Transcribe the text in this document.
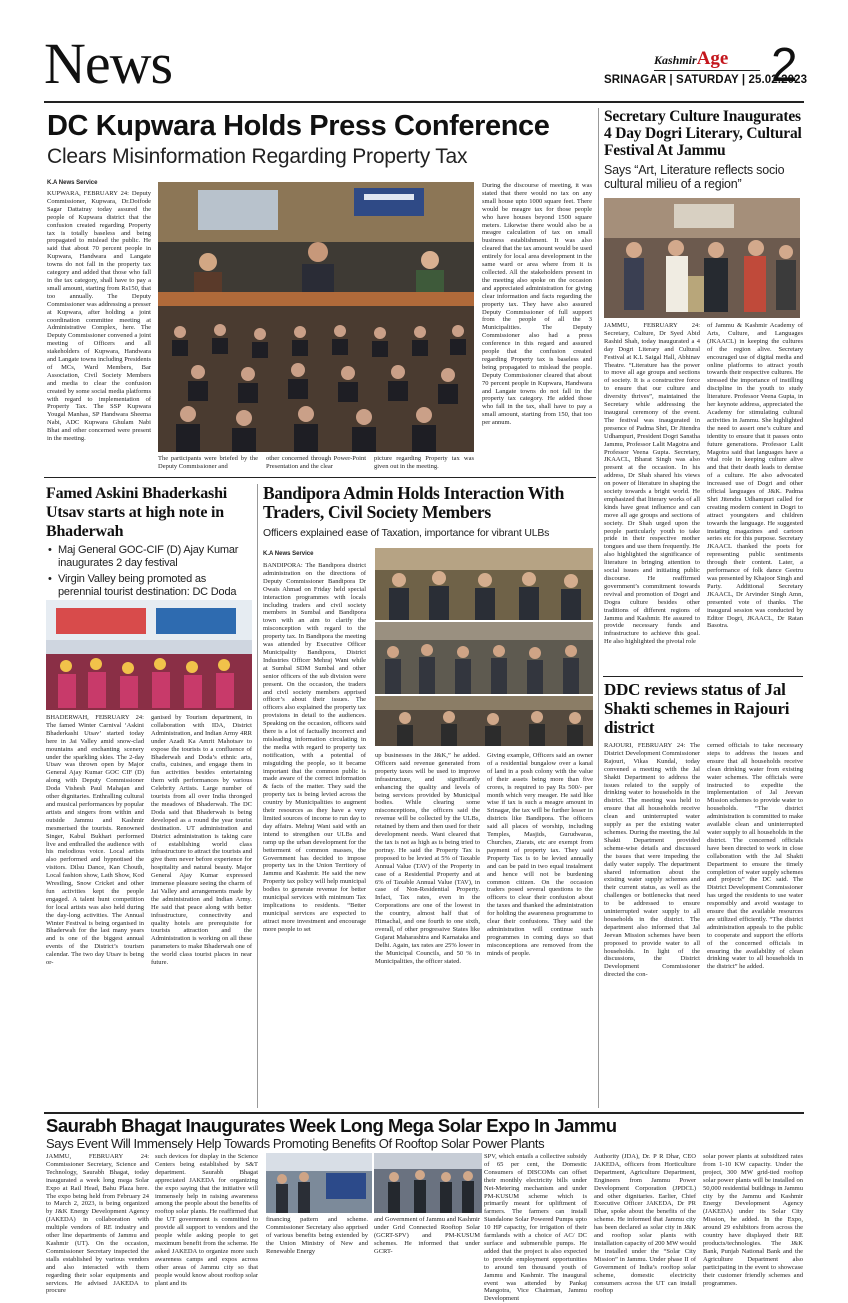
News	KashmirAge
SRINAGAR | SATURDAY | 25.02.2023
2
DC Kupwara Holds Press Conference
Clears Misinformation Regarding Property Tax
K.A News Service
KUPWARA, FEBRUARY 24: Deputy Commissioner, Kupwara, Dr.Doifode Sagar Dattatray today assured the people of Kupwara district that the confusion created regarding Property tax is totally baseless and being propagated to mislead the public. He said that about 70 percent people in Kupwara, Handwara and Langate towns do not fall in the property tax category and added that those who fall in the tax category, shall have to pay a small amount, starting from Rs150, that too annually. The Deputy Commissioner was addressing a presser at Kupwara, after holding a joint coordination committee meeting at Administrative Complex, here. The Deputy Commissioner convened a joint meeting of Officers and all stakeholders of Kupwara, Handwara and Langate towns including Presidents of MCs, Ward Members, Bar Association, Civil Society Members and media to clear the confusion created by some social media platforms with regard to implementation of Property Tax. The SSP Kupwara Yougal Manhas, SP Handwara Sheema Nabi, ADC Kupwara Ghulam Nabi Bhat and other concerned were present in the meeting.
The participants were briefed by the Deputy Commissioner and
other concerned through Power-Point Presentation and the clear
picture regarding Property tax was given out in the meeting.
During the discourse of meeting, it was stated that there would no tax on any small house upto 1000 square feet. There would be meagre tax for those people who have houses beyond 1500 square meters. Likewise there would also be a meagre calculation of tax on small business establishment. It was also cleared that the tax amount would be used entirely for local area development in the same ward or area where from it is collected. All the stakeholders present in the meeting also spoke on the occasion and appreciated administration for giving clear information and facts regarding the property tax. They have also assured Deputy Commissioner of full support from the people of all the 3 Municipalities. The Deputy Commissioner also had a press conference in this regard and assured people that the confusion created regarding Property tax is baseless and being propagated to mislead the people. Deputy Commissioner cleared that about 70 percent people in Kupwara, Handwara and Langate towns do not fall in the property tax category. He added those who fall in the tax, shall have to pay a small amount, starting from 150, that too per annum.
Secretary Culture Inaugurates 4 Day Dogri Literary, Cultural Festival At Jammu
Says “Art, Literature reflects socio cultural milieu of a region”
JAMMU, FEBRUARY 24: Secretary, Culture, Dr Syed Abid Rashid Shah, today inaugurated a 4 day Dogri Literary and Cultural Festival at K.L Saigal Hall, Abhinav Theatre. “Literature has the power to move all age groups and sections of society. It is a constructive force to ensure that our culture and diversity thrives”, maintained the Secretary while addressing the inaugural ceremony of the event. The festival was inaugurated in presence of Padma Shri, Dr Jitendra Udhampuri, President Dogri Sanstha Jammu, Professor Lalit Magotra and Professor Veena Gupta. Secretary, JKAACL, Bharat Singh was also present at the occasion. In his address, Dr Shah shared his views on power of literature in shaping the society towards a bright world. He emphasized that literary works of all kinds have great influence and can move all age groups and sections of society. Dr Shah urged upon the people particularly youth to take pride in their respective mother tongues and use them frequently. He also highlighted the significance of literature in bringing attention to social issues and initiating public discourse. He reaffirmed government’s commitment towards revival and promotion of Dogri and Dogra culture besides other traditions of different regions of Jammu and Kashmir. He assured to provide necessary funds and infrastructure to achieve this goal. He also highlighted the pivotal role
of Jammu & Kashmir Academy of Arts, Culture, and Languages (JKAACL) in keeping the cultures of the region alive. Secretary encouraged use of digital media and online platforms to attract youth towards their respective cultures. He stressed the importance of instilling discipline in the youth to study literature. Professor Veena Gupta, in her keynote address, appreciated the Academy for stimulating cultural activities in Jammu. She highlighted the need to assert one’s culture and identity to ensure that it passes onto future generations. Professor Lalit Magotra said that languages have a vital role in keeping culture alive and that their death leads to demise of a culture. He also advocated increased use of Dogri and other official languages of J&K. Padma Shri Jitendra Udhampuri called for creating modern content in Dogri to attract youngsters and children towards the language. He suggested instating magazines and cartoon series etc for this purpose. Secretary JKAACL thanked the poets for representing public sentiments through their content. Later, a performance of folk dance Geetru was presented by Khajoor Singh and Party. Additional Secretary JKAACL, Dr Arvinder Singh Amn, presented vote of thanks. The inaugural session was conducted by Editor Dogri, JKAACL, Dr Ratan Basotra.
Famed Askini Bhaderkashi Utsav starts at high note in Bhaderwah
• Maj General GOC-CIF (D) Ajay Kumar inaugurates 2 day festival
• Virgin Valley being promoted as perennial tourist destination: DC Doda
BHADERWAH, FEBRUARY 24: The famed Winter Carnival ‘Askini Bhaderkashi Utsav’ started today here in Jai Valley amid snow-clad mountains and enchanting scenery under the sparkling skies. The 2-day Utsav was thrown open by Major General Ajay Kumar GOC CIF (D) along with Deputy Commissioner Doda Vishesh Paul Mahajan and other dignitaries. Enthralling cultural and musical performances by popular artists and singers from within and outside Jammu and Kashmir mesmerised the tourists. Renowned Singer, Kabul Bukhari performed live and enthralled the audience with his melodious voice. Local artists also performed and hypnotised the visitors. Dilsu Dance, Kan Chouth, Local fashion show, Lath Show, Kod Wrestling, Snow Cricket and other fun activities kept the people engaged. A talent hunt competition for local artists was also held during the day-long activities. The Annual Winter Festival is being organised in Bhaderwah for the last many years and is one of the biggest annual events of the District’s tourism calendar. The two day Utsav is being or-
ganised by Tourism department, in collaboration with IDA, District Administration, and Indian Army 4RR under Azadi Ka Amrit Mahotsav to expose the tourists to a confluence of Bhaderwah and Doda’s ethnic arts, crafts, cuisines, and engage them in fun activities besides entertaining them with performances by various Celebrity Artists. Large number of tourists from all over India thronged the meadows of Bhaderwah. The DC Doda said that Bhaderwah is being developed as a round the year tourist destination. UT administration and District administration is taking care of establishing world class infrastructure to attract the tourists and give them never before experience for hospitality and natural beauty. Major General Ajay Kumar expressed immense pleasure seeing the charm of Jai Valley and arrangements made by the administration and Indian Army. He said that peace along with better infrastructure, connectivity and quality hotels are prerequisite for tourists attraction and the Administration is working on all these parameters to make Bhaderwah one of the world class tourist places in near future.
Bandipora Admin Holds Interaction With Traders, Civil Society Members
Officers explained ease of Taxation, importance for vibrant ULBs
K.A News Service
BANDIPORA: The Bandipora district administration on the directions of Deputy Commissioner Bandipora Dr Owais Ahmad on Friday held special interaction programmes with locals including traders and civil society members in Sumbal and Bandipora town with an aim to clarify the misconception with regard to the property tax. In Bandipora the meeting was attended by Executive Officer Municipality Bandipora, District Industries Officer Mehraj Wani while at Sumbal SDM Sumbal and other senior officers of the sub division were present. On the occasion, the traders and civil society members apprised officer’s about their issues. The officers also explained the property tax provisions in detail to the audiences. Speaking on the occasion, officers said there is a lot of factually incorrect and misleading information circulating in the media with regard to property tax notification, with a potential of misguiding the people, so it became important that the common public is made aware of the correct information & facts of the matter. They said the property tax is being levied across the country by Municipalities to augment their resources as they have a very limited sources of income to run day to day affairs. Mehraj Wani said with an intend to strengthen our ULBs and ramp up the urban development for the betterment of common masses, the Government has decided to impose property tax in the Union Territory of Jammu and Kashmir. He said the new Property tax policy will help municipal bodies to generate revenue for better municipal services with minimum Tax implications to residents. “Better municipal services are expected to attract more investment and encourage more people to set
up businesses in the J&K,” he added. Officers said revenue generated from property taxes will be used to improve infrastructure, and significantly enhancing the quality and levels of being services provided by Municipal bodies. While clearing some misconceptions, the officers said the revenue will be collected by the ULBs, retained by them and then used for their development needs. Wani cleared that the tax is not as high as is being tried to portray. He said the Property Tax is proposed to be levied at 5% of Taxable Annual Value (TAV) of the Property in case of a Residential Property and at 6% of Taxable Annual Value (TAV), in case of Non-Residential Property. Infact, Tax rates, even in the Corporations are one of the lowest in the country, almost half that of Himachal, and one fourth to one sixth, overall, of other progressive States like Gujarat Maharashtra and Karnataka and Delhi. Again, tax rates are 25% lower in the Municipal Councils, and 50 % in Municipalities, the officer stated.
Giving example, Officers said an owner of a residential bungalow over a kanal of land in a posh colony with the value of their assets being more than five crores, is required to pay Rs 500/- per month which very meager. He said like wise if tax is such a meagre amount in Srinagar, the tax will be further lesser in districts like Bandipora. The officers said all places of worship, including Temples, Masjids, Gurudwaras, Churches, Ziarats, etc are exempt from payment of property tax. They said Property Tax is to be levied annually and can be paid in two equal instalment and hence will not be burdening common citizen. On the occasion traders posed several questions to the officers to clear their confusion about the taxes and thanked the administration for holding the awareness programme to clear their confusions. They said the administration will continue such programmes in coming days so that misconceptions are removed from the minds of people.
DDC reviews status of Jal Shakti schemes in Rajouri district
RAJOURI, FEBRUARY 24: The District Development Commissioner Rajouri, Vikas Kundal, today convened a meeting with the Jal Shakti Department to address the issues related to the supply of drinking water to households in the district. The meeting was held to ensure that all households receive clean and uninterrupted water supply as per the existing water schemes. During the meeting, the Jal Shakti Department provided scheme-wise details and discussed the issues that were impeding the daily water supply. The department shared information about the existing water supply schemes and their current status, as well as the challenges or bottlenecks that need to be addressed to ensure uninterrupted water supply to all households in the district. The department also informed that Jal Jeevan Mission schemes have been proposed to provide water to all households. In light of the discussions, the District Development Commissioner directed the con-
cerned officials to take necessary steps to address the issues and ensure that all households receive clean drinking water from existing water schemes. The officials were instructed to expedite the implementation of Jal Jeevan Mission schemes to provide water to households. “The district administration is committed to make available clean and uninterrupted water supply to all households in the district. The concerned officials have been directed to work in close collaboration with the Jal Shakti Department to ensure the timely completion of water supply schemes and projects” the DC said. The District Development Commissioner has urged the residents to use water responsibly and avoid wastage to ensure that the available resources are utilized efficiently. “The district administration appeals to the public to cooperate and support the efforts of the concerned officials in ensuring the availability of clean drinking water to all households in the district” he added.
Saurabh Bhagat Inaugurates Week Long Mega Solar Expo In Jammu
Says Event Will Immensely Help Towards Promoting Benefits Of Rooftop Solar Power Plants
JAMMU, FEBRUARY 24: Commissioner Secretary, Science and Technology, Saurabh Bhagat, today inaugurated a week long mega Solar Expo at Rail Head, Bahu Plaza here. The expo being held from February 24 to March 2, 2023, is being organized by J&K Energy Development Agency (JAKEDA) in collaboration with multiple vendors of RE industry and other line departments of Jammu and Kashmir (UT). On the occasion, Commissioner Secretary inspected the stalls established by various vendors and also interacted with them regarding their solar equipments and services. He advised JAKEDA to procure
such devices for display in the Science Centers being established by S&T department. Saurabh Bhagat appreciated JAKEDA for organizing the expo saying that the initiative will immensely help in raising awareness among the people about the benefits of rooftop solar plants. He reaffirmed that the UT government is committed to provide all support to vendors and the people while asking people to get maximum benefit from the scheme. He asked JAKEDA to organize more such awareness camps and expos across other areas of Jammu city so that people would know about rooftop solar plant and its
financing pattern and scheme. Commissioner Secretary also apprised of various benefits being extended by the Union Ministry of New and Renewable Energy
and Government of Jammu and Kashmir under Grid Connected Rooftop Solar (GCRT-SPV) and PM-KUSUM schemes. He informed that under GCRT-
SPV, which entails a collective subsidy of 65 per cent, the Domestic Consumers of DISCOMs can offset their monthly electricity bills under Net-Metering mechanism and under PM-KUSUM scheme which is primarily meant for upliftment of farmers. The farmers can install Standalone Solar Powered Pumps upto 10 HP capacity, for irrigation of their farmlands with a choice of AC/ DC surface and submersible pumps. He added that the project is also expected to provide employment opportunities to around ten thousand youth of Jammu and Kashmir. The inaugural event was attended by Pankaj Mangotra, Vice Chairman, Jammu Development
Authority (JDA), Dr. P R Dhar, CEO JAKEDA, officers from Horticulture Department, Agriculture Department, Engineers from Jammu Power Development Corporation (JPDCL) and other dignitaries. Earlier, Chief Executive Officer JAKEDA, Dr PR Dhar, spoke about the benefits of the scheme. He informed that Jammu city has been declared as solar city in J&K and rooftop solar plants with installation capacity of 200 MW would be installed under the “Solar City Mission” in Jammu. Under phase II of Government of India’s rooftop solar scheme, domestic electricity consumers across the UT can install rooftop
solar power plants at subsidized rates from 1-10 KW capacity. Under the project, 300 MW grid-tied rooftop solar power plants will be installed on 50,000 residential buildings in Jammu city by the Jammu and Kashmir Energy Development Agency (JAKEDA) under its Solar City Mission, he added. In the Expo, around 29 exhibitors from across the country have displayed their RE products/technologies. The J&K Bank, Punjab National Bank and the Agriculture Department also participating in the event to showcase their customer friendly schemes and programmes.
